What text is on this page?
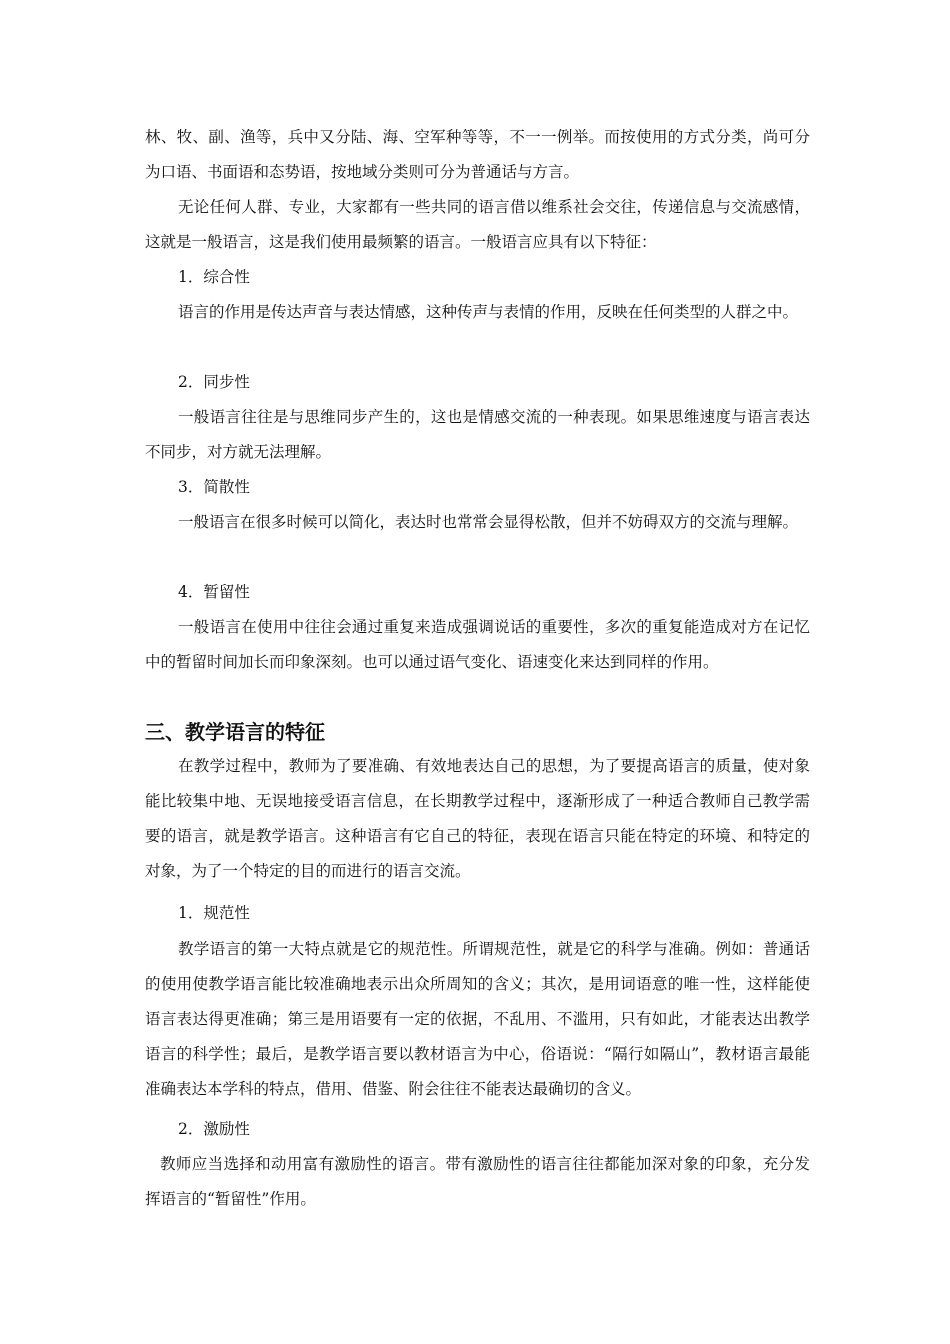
林、牧、副、渔等，兵中又分陆、海、空军种等等，不一一例举。而按使用的方式分类，尚可分为口语、书面语和态势语，按地域分类则可分为普通话与方言。

无论任何人群、专业，大家都有一些共同的语言借以维系社会交往，传递信息与交流感情，这就是一般语言，这是我们使用最频繁的语言。一般语言应具有以下特征：

1．综合性

语言的作用是传达声音与表达情感，这种传声与表情的作用，反映在任何类型的人群之中。

2．同步性

一般语言往往是与思维同步产生的，这也是情感交流的一种表现。如果思维速度与语言表达不同步，对方就无法理解。

3．简散性

一般语言在很多时候可以简化，表达时也常常会显得松散，但并不妨碍双方的交流与理解。

4．暂留性

一般语言在使用中往往会通过重复来造成强调说话的重要性，多次的重复能造成对方在记忆中的暂留时间加长而印象深刻。也可以通过语气变化、语速变化来达到同样的作用。

三、教学语言的特征

在教学过程中，教师为了要准确、有效地表达自己的思想，为了要提高语言的质量，使对象能比较集中地、无误地接受语言信息，在长期教学过程中，逐渐形成了一种适合教师自己教学需要的语言，就是教学语言。这种语言有它自己的特征，表现在语言只能在特定的环境、和特定的对象，为了一个特定的目的而进行的语言交流。

1．规范性

教学语言的第一大特点就是它的规范性。所谓规范性，就是它的科学与准确。例如：普通话的使用使教学语言能比较准确地表示出众所周知的含义；其次，是用词语意的唯一性，这样能使语言表达得更准确；第三是用语要有一定的依据，不乱用、不滥用，只有如此，才能表达出教学语言的科学性；最后，是教学语言要以教材语言为中心，俗语说：“隔行如隔山”，教材语言最能准确表达本学科的特点，借用、借鉴、附会往往不能表达最确切的含义。

2．激励性

教师应当选择和动用富有激励性的语言。带有激励性的语言往往都能加深对象的印象，充分发挥语言的“暂留性”作用。
